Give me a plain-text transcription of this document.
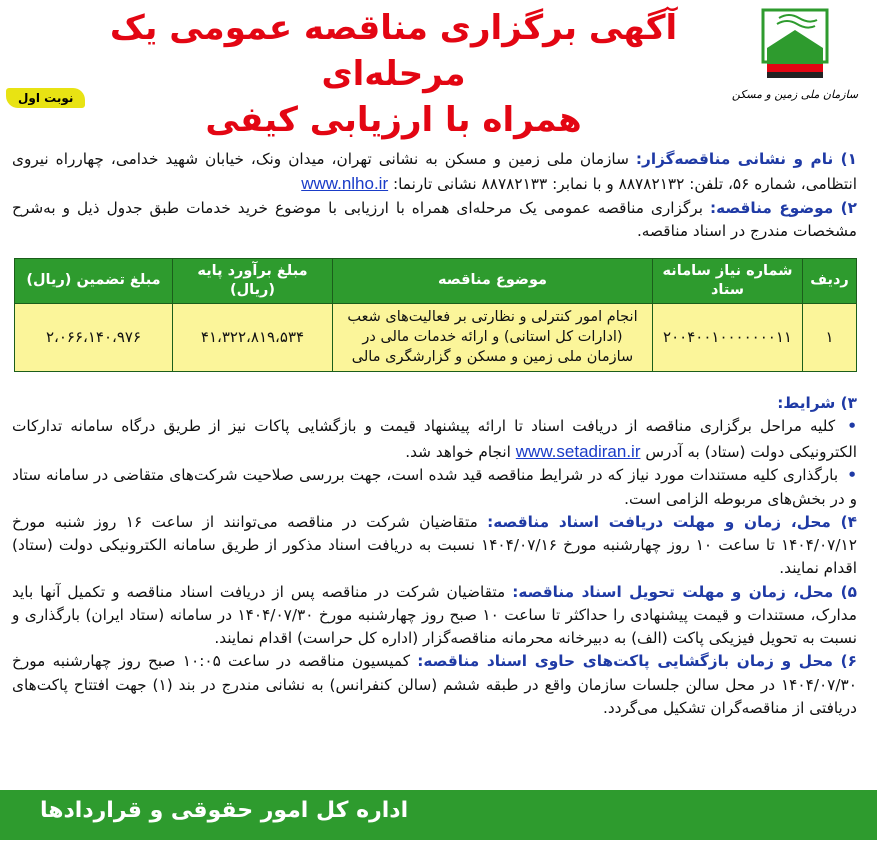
سازمان ملی زمین و مسکن
آگهی برگزاری مناقصه عمومی یک مرحله‌ای
همراه با ارزیابی کیفی
نوبت اول

۱) نام و نشانی مناقصه‌گزار: سازمان ملی زمین و مسکن به نشانی تهران، میدان ونک، خیابان شهید خدامی، چهارراه نیروی انتظامی، شماره ۵۶، تلفن: ۸۸۷۸۲۱۳۲ و با نمابر: ۸۸۷۸۲۱۳۳ نشانی تارنما: www.nlho.ir

۲) موضوع مناقصه: برگزاری مناقصه عمومی یک مرحله‌ای همراه با ارزیابی با موضوع خرید خدمات طبق جدول ذیل و به‌شرح مشخصات مندرج در اسناد مناقصه.

ردیف	شماره نیاز سامانه ستاد	موضوع مناقصه	مبلغ برآورد پایه (ریال)	مبلغ تضمین (ریال)
۱	۲۰۰۴۰۰۱۰۰۰۰۰۰۰۱۱	انجام امور کنترلی و نظارتی بر فعالیت‌های شعب (ادارات کل استانی) و ارائه خدمات مالی در سازمان ملی زمین و مسکن و گزارشگری مالی	۴۱،۳۲۲،۸۱۹،۵۳۴	۲،۰۶۶،۱۴۰،۹۷۶

۳) شرایط:

• کلیه مراحل برگزاری مناقصه از دریافت اسناد تا ارائه پیشنهاد قیمت و بازگشایی پاکات نیز از طریق درگاه سامانه تدارکات الکترونیکی دولت (ستاد) به آدرس www.setadiran.ir انجام خواهد شد.

• بارگذاری کلیه مستندات مورد نیاز که در شرایط مناقصه قید شده است، جهت بررسی صلاحیت شرکت‌های متقاضی در سامانه ستاد و در بخش‌های مربوطه الزامی است.

۴) محل، زمان و مهلت دریافت اسناد مناقصه: متقاضیان شرکت در مناقصه می‌توانند از ساعت ۱۶ روز شنبه مورخ ۱۴۰۴/۰۷/۱۲ تا ساعت ۱۰ روز چهارشنبه مورخ ۱۴۰۴/۰۷/۱۶ نسبت به دریافت اسناد مذکور از طریق سامانه الکترونیکی دولت (ستاد) اقدام نمایند.

۵) محل، زمان و مهلت تحویل اسناد مناقصه: متقاضیان شرکت در مناقصه پس از دریافت اسناد مناقصه و تکمیل آنها باید مدارک، مستندات و قیمت پیشنهادی را حداکثر تا ساعت ۱۰ صبح روز چهارشنبه مورخ ۱۴۰۴/۰۷/۳۰ در سامانه (ستاد ایران) بارگذاری و نسبت به تحویل فیزیکی پاکت (الف) به دبیرخانه محرمانه مناقصه‌گزار (اداره کل حراست) اقدام نمایند.

۶) محل و زمان بازگشایی پاکت‌های حاوی اسناد مناقصه: کمیسیون مناقصه در ساعت ۱۰:۰۵ صبح روز چهارشنبه مورخ ۱۴۰۴/۰۷/۳۰ در محل سالن جلسات سازمان واقع در طبقه ششم (سالن کنفرانس) به نشانی مندرج در بند (۱) جهت افتتاح پاکت‌های دریافتی از مناقصه‌گران تشکیل می‌گردد.

اداره کل امور حقوقی و قراردادها
